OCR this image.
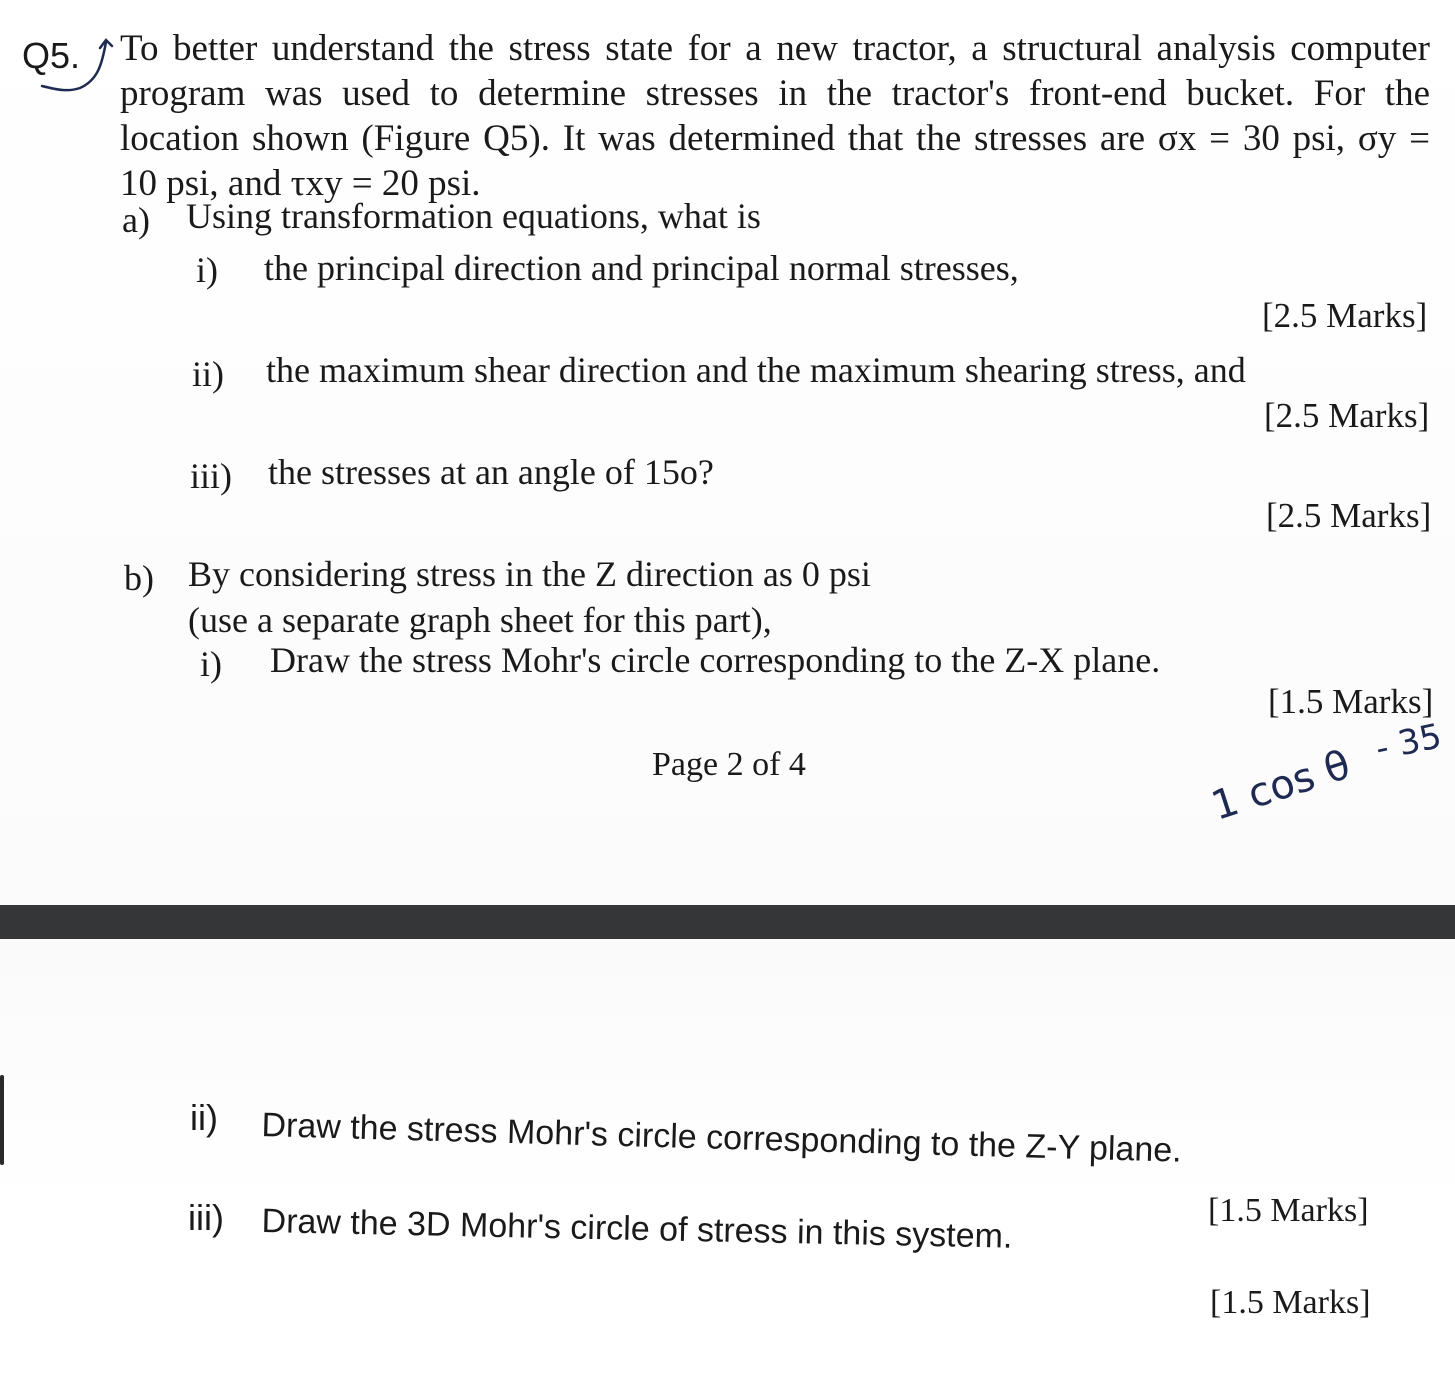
Q5. To better understand the stress state for a new tractor, a structural analysis computer
program was used to determine stresses in the tractor's front-end bucket. For the
location shown (Figure Q5). It was determined that the stresses are σx = 30 psi, σy =
10 psi, and τxy = 20 psi.
a) Using transformation equations, what is
i) the principal direction and principal normal stresses,
[2.5 Marks]
ii) the maximum shear direction and the maximum shearing stress, and
[2.5 Marks]
iii) the stresses at an angle of 15o?
[2.5 Marks]
b) By considering stress in the Z direction as 0 psi
(use a separate graph sheet for this part),
i) Draw the stress Mohr's circle corresponding to the Z-X plane.
[1.5 Marks]
Page 2 of 4	1 cos θ - 35
ii) Draw the stress Mohr's circle corresponding to the Z-Y plane.
[1.5 Marks]
iii) Draw the 3D Mohr's circle of stress in this system.
[1.5 Marks]
